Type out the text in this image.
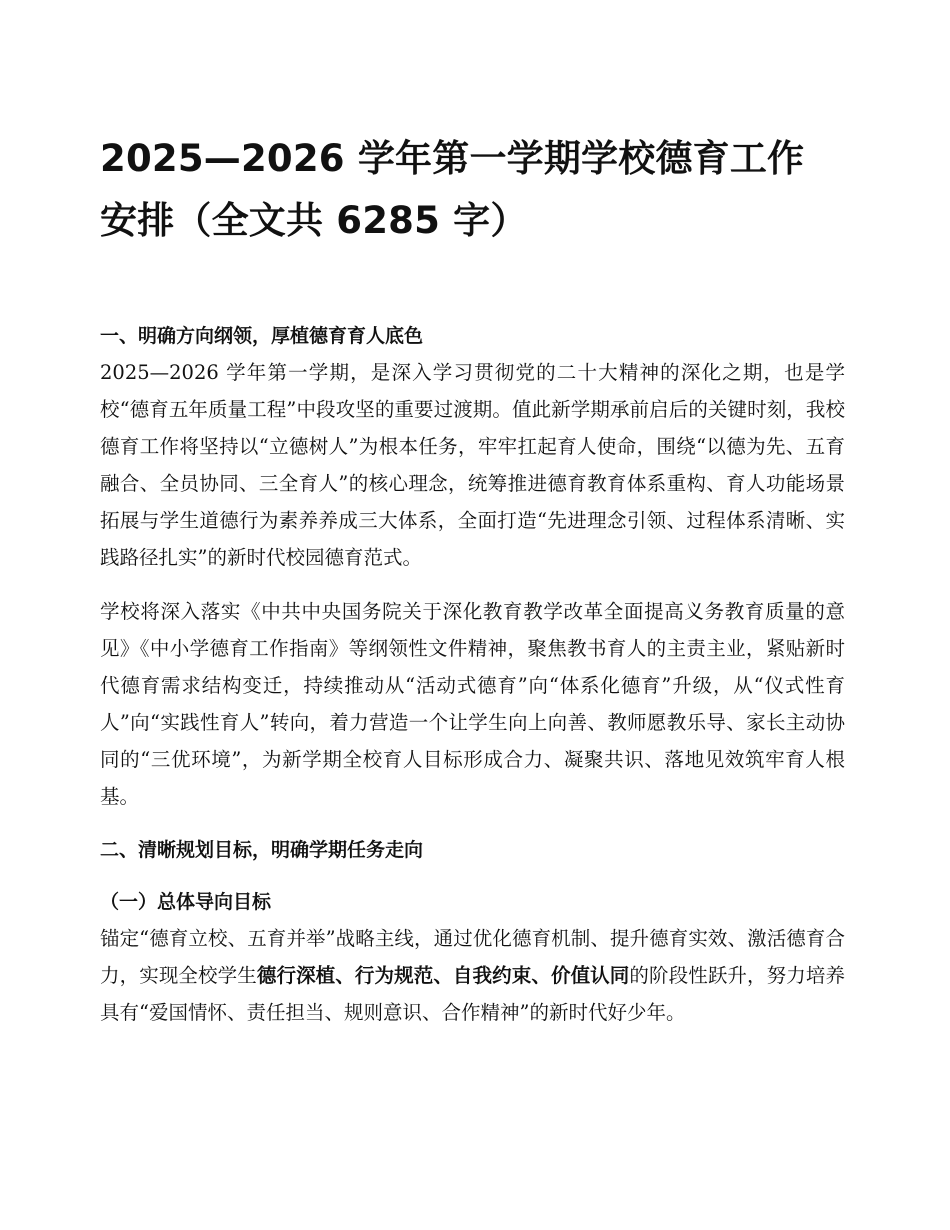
2025—2026 学年第一学期学校德育工作安排（全文共 6285 字）
一、明确方向纲领，厚植德育育人底色

2025—2026 学年第一学期，是深入学习贯彻党的二十大精神的深化之期，也是学校“德育五年质量工程”中段攻坚的重要过渡期。值此新学期承前启后的关键时刻，我校德育工作将坚持以“立德树人”为根本任务，牢牢扛起育人使命，围绕“以德为先、五育融合、全员协同、三全育人”的核心理念，统筹推进德育教育体系重构、育人功能场景拓展与学生道德行为素养养成三大体系，全面打造“先进理念引领、过程体系清晰、实践路径扎实”的新时代校园德育范式。

学校将深入落实《中共中央国务院关于深化教育教学改革全面提高义务教育质量的意见》《中小学德育工作指南》等纲领性文件精神，聚焦教书育人的主责主业，紧贴新时代德育需求结构变迁，持续推动从“活动式德育”向“体系化德育”升级，从“仪式性育人”向“实践性育人”转向，着力营造一个让学生向上向善、教师愿教乐导、家长主动协同的“三优环境”，为新学期全校育人目标形成合力、凝聚共识、落地见效筑牢育人根基。

二、清晰规划目标，明确学期任务走向
（一）总体导向目标

锚定“德育立校、五育并举”战略主线，通过优化德育机制、提升德育实效、激活德育合力，实现全校学生德行深植、行为规范、自我约束、价值认同的阶段性跃升，努力培养具有“爱国情怀、责任担当、规则意识、合作精神”的新时代好少年。
